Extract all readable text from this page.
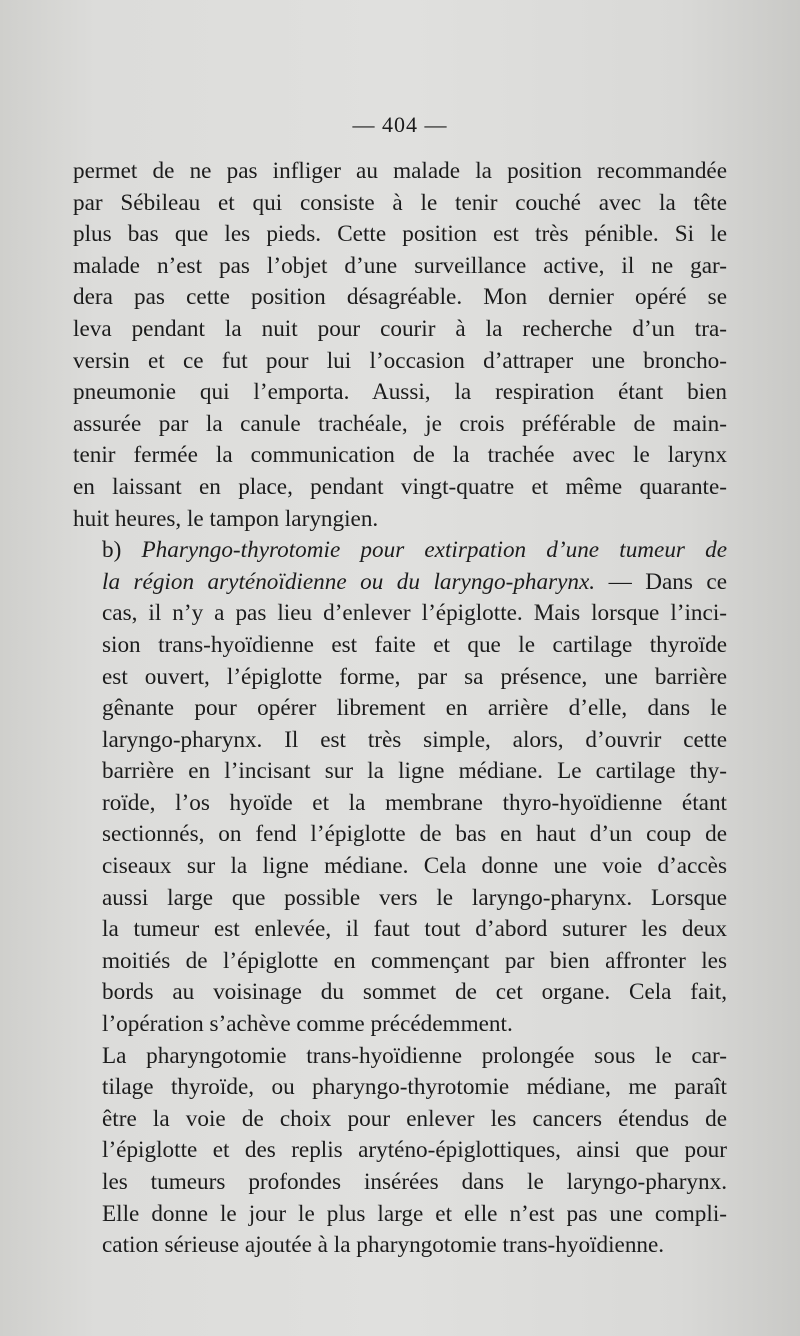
— 404 —

permet de ne pas infliger au malade la position recommandée
par Sébileau et qui consiste à le tenir couché avec la tête
plus bas que les pieds. Cette position est très pénible. Si le
malade n’est pas l’objet d’une surveillance active, il ne gar-
dera pas cette position désagréable. Mon dernier opéré se
leva pendant la nuit pour courir à la recherche d’un tra-
versin et ce fut pour lui l’occasion d’attraper une broncho-
pneumonie qui l’emporta. Aussi, la respiration étant bien
assurée par la canule trachéale, je crois préférable de main-
tenir fermée la communication de la trachée avec le larynx
en laissant en place, pendant vingt-quatre et même quarante-
huit heures, le tampon laryngien.

b) Pharyngo-thyrotomie pour extirpation d’une tumeur de
la région aryténoïdienne ou du laryngo-pharynx. — Dans ce
cas, il n’y a pas lieu d’enlever l’épiglotte. Mais lorsque l’inci-
sion trans-hyoïdienne est faite et que le cartilage thyroïde
est ouvert, l’épiglotte forme, par sa présence, une barrière
gênante pour opérer librement en arrière d’elle, dans le
laryngo-pharynx. Il est très simple, alors, d’ouvrir cette
barrière en l’incisant sur la ligne médiane. Le cartilage thy-
roïde, l’os hyoïde et la membrane thyro-hyoïdienne étant
sectionnés, on fend l’épiglotte de bas en haut d’un coup de
ciseaux sur la ligne médiane. Cela donne une voie d’accès
aussi large que possible vers le laryngo-pharynx. Lorsque
la tumeur est enlevée, il faut tout d’abord suturer les deux
moitiés de l’épiglotte en commençant par bien affronter les
bords au voisinage du sommet de cet organe. Cela fait,
l’opération s’achève comme précédemment.

La pharyngotomie trans-hyoïdienne prolongée sous le car-
tilage thyroïde, ou pharyngo-thyrotomie médiane, me paraît
être la voie de choix pour enlever les cancers étendus de
l’épiglotte et des replis aryténo-épiglottiques, ainsi que pour
les tumeurs profondes insérées dans le laryngo-pharynx.
Elle donne le jour le plus large et elle n’est pas une compli-
cation sérieuse ajoutée à la pharyngotomie trans-hyoïdienne.
